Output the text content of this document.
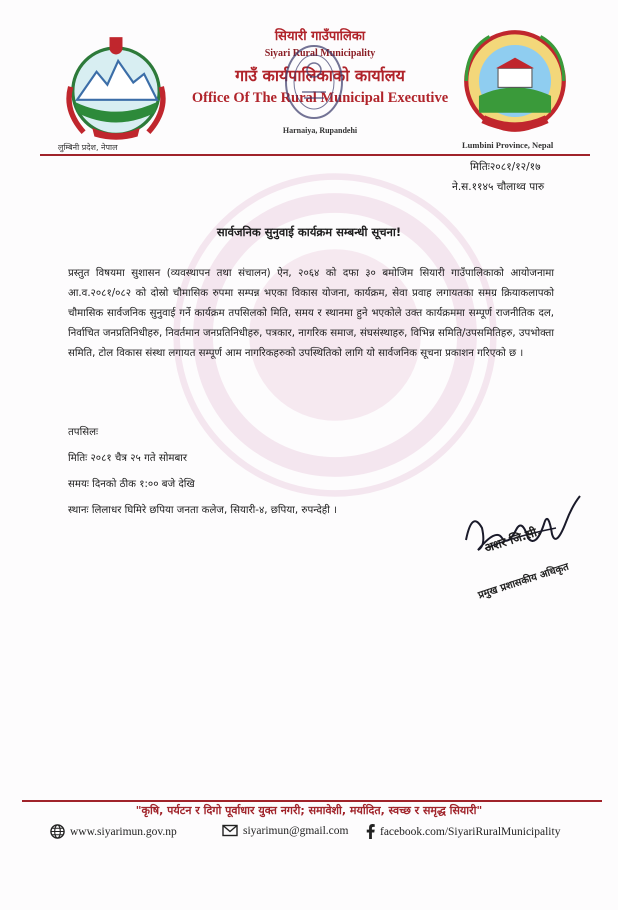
लुम्बिनी प्रदेश, नेपाल	Lumbini Province, Nepal
सियारी गाउँपालिका
Siyari Rural Municipality
गाउँ कार्यपालिकाको कार्यालय
Office Of The Rural Municipal Executive
Harnaiya, Rupandehi
मितिः२०८१/१२/१७
ने.स.११४५ चौलाथ्व पारु
सार्वजनिक सुनुवाई कार्यक्रम सम्बन्धी सूचना!
प्रस्तुत विषयमा सुशासन (व्यवस्थापन तथा संचालन) ऐन, २०६४ को दफा ३० बमोजिम सियारी गाउँपालिकाको आयोजनामा आ.व.२०८१/०८२ को दोस्रो चौमासिक रुपमा सम्पन्न भएका विकास योजना, कार्यक्रम, सेवा प्रवाह लगायतका समग्र क्रियाकलापको चौमासिक सार्वजनिक सुनुवाई गर्ने कार्यक्रम तपसिलको मिति, समय र स्थानमा हुने भएकोले उक्त कार्यक्रममा सम्पूर्ण राजनीतिक दल, निर्वाचित जनप्रतिनिधीहरु, निवर्तमान जनप्रतिनिधीहरु, पत्रकार, नागरिक समाज, संघसंस्थाहरु, विभिन्न समिति/उपसमितिहरु, उपभोक्ता समिति, टोल विकास संस्था लगायत सम्पूर्ण आम नागरिकहरुको उपस्थितिको लागि यो सार्वजनिक सूचना प्रकाशन गरिएको छ ।
तपसिलः
मितिः २०८१ चैत्र २५ गते सोमबार
समयः दिनको ठीक १:०० बजे देखि
स्थानः लिलाधर घिमिरे छपिया जनता कलेज, सियारी-४, छपिया, रुपन्देही ।
अशर जि.सी.
प्रमुख प्रशासकीय अधिकृत
"कृषि, पर्यटन र दिगो पूर्वाधार युक्त नगरी; समावेशी, मर्यादित, स्वच्छ र समृद्ध सियारी"
www.siyarimun.gov.np	siyarimun@gmail.com	facebook.com/SiyariRuralMunicipality
